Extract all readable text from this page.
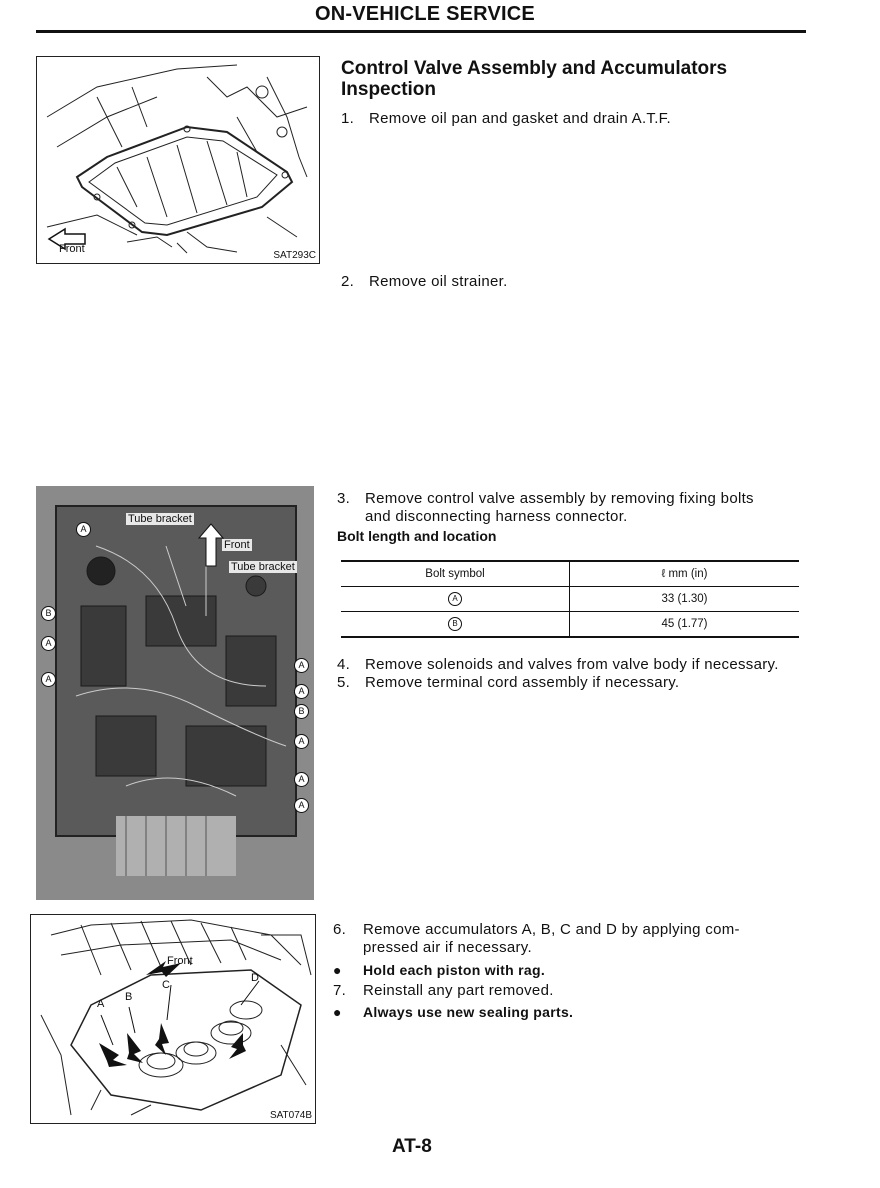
ON-VEHICLE SERVICE
Front
SAT293C
Control Valve Assembly and Accumulators
Inspection
1. Remove oil pan and gasket and drain A.T.F.
2. Remove oil strainer.
Tube bracket
Front
Tube bracket
A
A
B
A
A
A
B
A
A
A
3. Remove control valve assembly by removing fixing bolts
and disconnecting harness connector.
Bolt length and location
Bolt symbol	ℓ mm (in)
A	33 (1.30)
B	45 (1.77)
4. Remove solenoids and valves from valve body if necessary.
5. Remove terminal cord assembly if necessary.
Front
A
B
C
D
SAT074B
6. Remove accumulators A, B, C and D by applying com-
pressed air if necessary.
● Hold each piston with rag.
7. Reinstall any part removed.
● Always use new sealing parts.
AT-8
